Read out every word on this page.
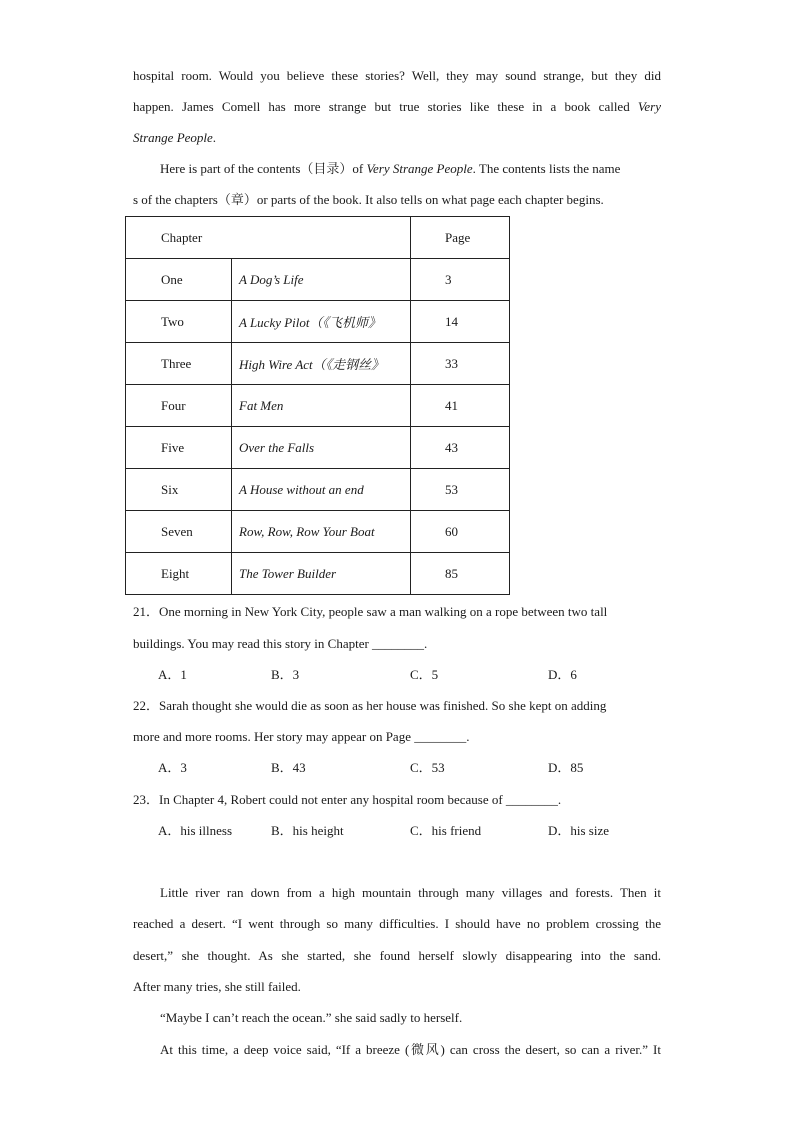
hospital room. Would you believe these stories? Well, they may sound strange, but they did
happen. James Comell has more strange but true stories like these in a book called Very
Strange People.
Here is part of the contents（目录）of Very Strange People. The contents lists the name
s of the chapters（章）or parts of the book. It also tells on what page each chapter begins.
Chapter		Page
One	A Dog’s Life	3
Two	A Lucky Pilot（《飞机师》	14
Three	High Wire Act（《走钢丝》	33
Four	Fat Men	41
Five	Over the Falls	43
Six	A House without an end	53
Seven	Row, Row, Row Your Boat	60
Eight	The Tower Builder	85
21．One morning in New York City, people saw a man walking on a rope between two tall
buildings. You may read this story in Chapter ________.
A．1	B．3	C．5	D．6
22．Sarah thought she would die as soon as her house was finished. So she kept on adding
more and more rooms. Her story may appear on Page ________.
A．3	B．43	C．53	D．85
23．In Chapter 4, Robert could not enter any hospital room because of ________.
A．his illness	B．his height	C．his friend	D．his size
Little river ran down from a high mountain through many villages and forests. Then it
reached a desert. “I went through so many difficulties. I should have no problem crossing the
desert,” she thought. As she started, she found herself slowly disappearing into the sand.
After many tries, she still failed.
“Maybe I can’t reach the ocean.” she said sadly to herself.
At this time, a deep voice said, “If a breeze (微风) can cross the desert, so can a river.” It
